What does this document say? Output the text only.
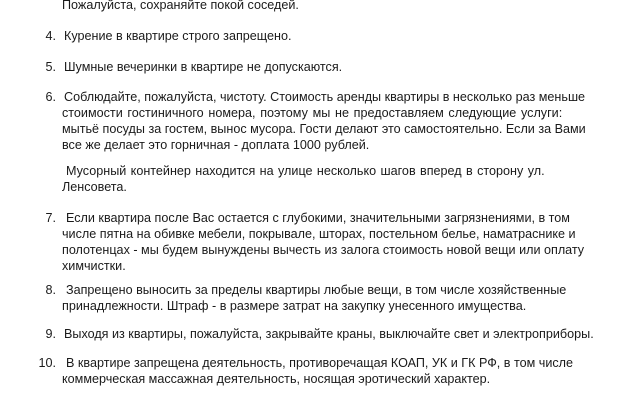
Пожалуйста, сохраняйте покой соседей.
4. Курение в квартире строго запрещено.
5. Шумные вечеринки в квартире не допускаются.
6. Соблюдайте, пожалуйста, чистоту. Стоимость аренды квартиры в несколько раз меньше
стоимости гостиничного номера, поэтому мы не предоставляем следующие услуги:
мытьё посуды за гостем, вынос мусора. Гости делают это самостоятельно. Если за Вами
все же делает это горничная - доплата 1000 рублей.
Мусорный контейнер находится на улице несколько шагов вперед в сторону ул.
Ленсовета.
7. Если квартира после Вас остается с глубокими, значительными загрязнениями, в том
числе пятна на обивке мебели, покрывале, шторах, постельном белье, наматраснике и
полотенцах - мы будем вынуждены вычесть из залога стоимость новой вещи или оплату
химчистки.
8. Запрещено выносить за пределы квартиры любые вещи, в том числе хозяйственные
принадлежности. Штраф - в размере затрат на закупку унесенного имущества.
9. Выходя из квартиры, пожалуйста, закрывайте краны, выключайте свет и электроприборы.
10. В квартире запрещена деятельность, противоречащая КОАП, УК и ГК РФ, в том числе
коммерческая массажная деятельность, носящая эротический характер.
